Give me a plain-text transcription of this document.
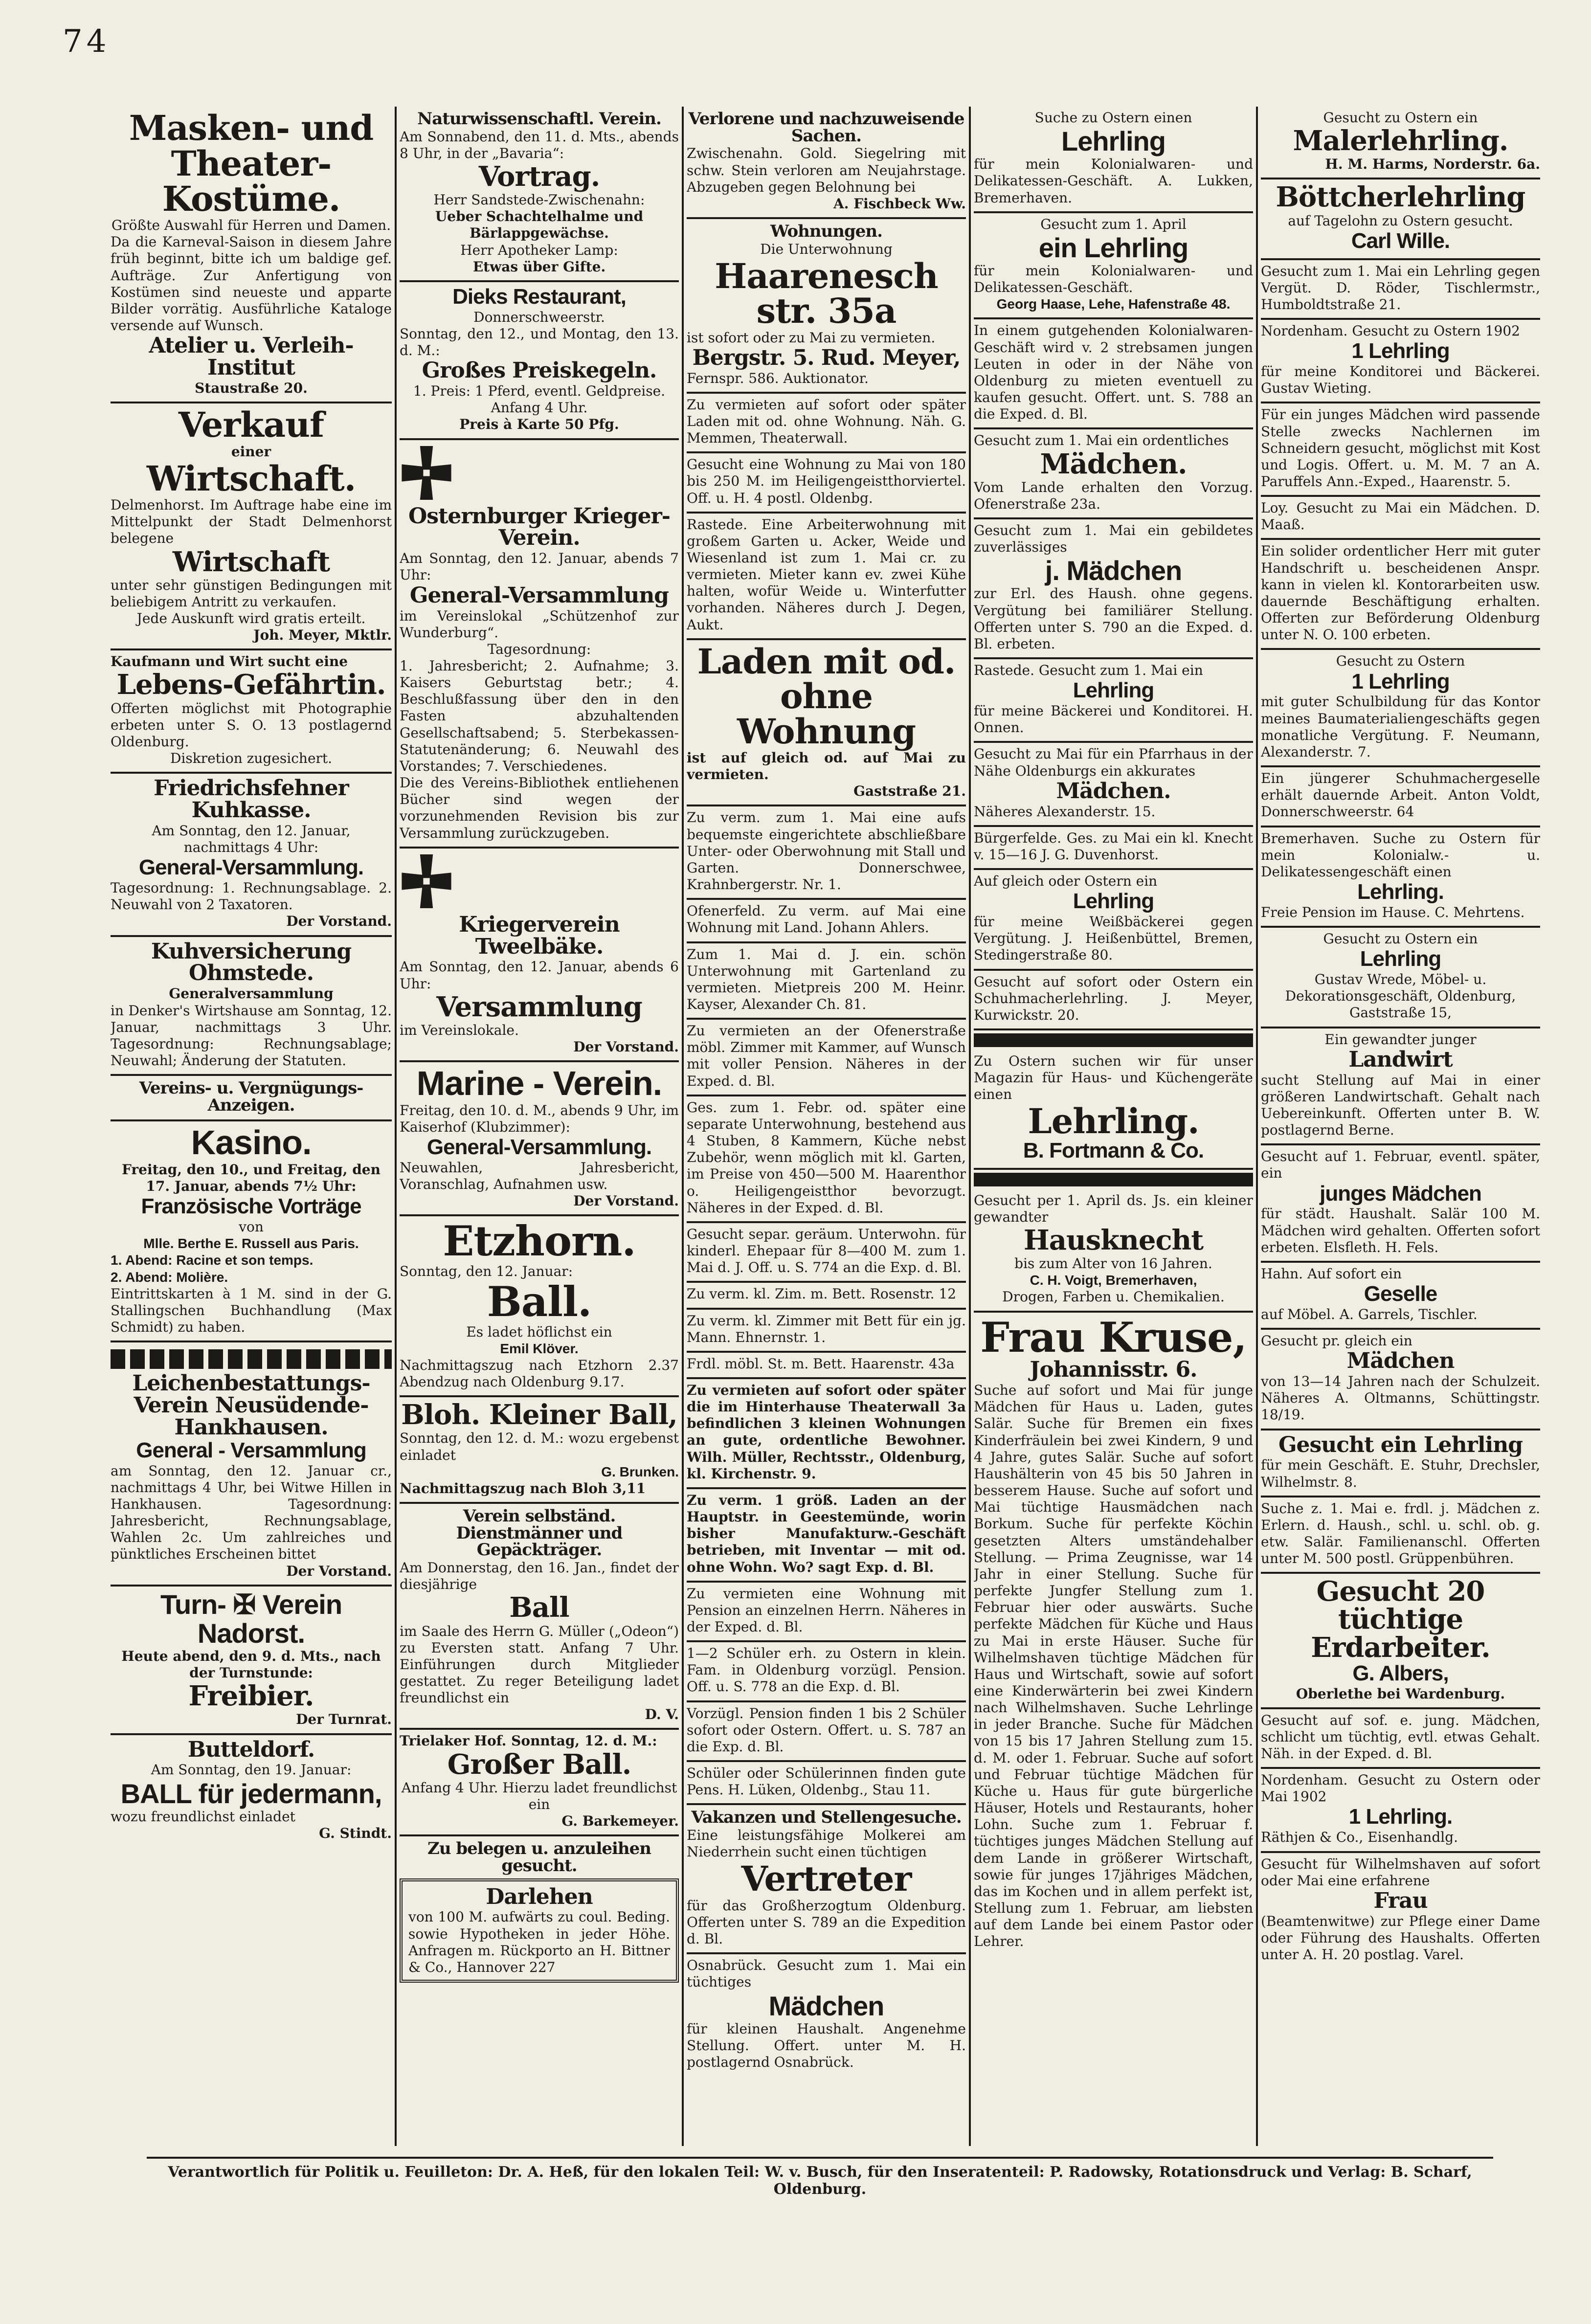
74

Masken- und

Theater-Kostüme.

Größte Auswahl für Herren und Damen.

Da die Karneval-Saison in diesem Jahre früh beginnt, bitte ich um baldige gef. Aufträge. Zur Anfertigung von Kostümen sind neueste und apparte Bilder vorrätig. Ausführliche Kataloge versende auf Wunsch.

Atelier u. Verleih-Institut

Staustraße 20.

Verkauf

einer

Wirtschaft.

Delmenhorst. Im Auftrage habe eine im Mittelpunkt der Stadt Delmenhorst belegene

Wirtschaft

unter sehr günstigen Bedingungen mit beliebigem Antritt zu verkaufen.

Jede Auskunft wird gratis erteilt.

Joh. Meyer, Mktlr.

Kaufmann und Wirt sucht eine

Lebens-Gefährtin.

Offerten möglichst mit Photographie erbeten unter S. O. 13 postlagernd Oldenburg.

Diskretion zugesichert.

Friedrichsfehner Kuhkasse.

Am Sonntag, den 12. Januar, nachmittags 4 Uhr:

General-Versammlung.

Tagesordnung: 1. Rechnungsablage. 2. Neuwahl von 2 Taxatoren.

Der Vorstand.

Kuhversicherung Ohmstede.

Generalversammlung

in Denker's Wirtshause am Sonntag, 12. Januar, nachmittags 3 Uhr. Tagesordnung: Rechnungsablage; Neuwahl; Änderung der Statuten.

Vereins- u. Vergnügungs-Anzeigen.

Kasino.

Freitag, den 10., und Freitag, den 17. Januar, abends 7½ Uhr:

Französische Vorträge

von

Mlle. Berthe E. Russell aus Paris.

1. Abend: Racine et son temps.

2. Abend: Molière.

Eintrittskarten à 1 M. sind in der G. Stallingschen Buchhandlung (Max Schmidt) zu haben.

Leichenbestattungs-Verein Neusüdende-Hankhausen.

General - Versammlung

am Sonntag, den 12. Januar cr., nachmittags 4 Uhr, bei Witwe Hillen in Hankhausen. Tagesordnung: Jahresbericht, Rechnungsablage, Wahlen 2c. Um zahlreiches und pünktliches Erscheinen bittet

Der Vorstand.

Turn- ✠ Verein

Nadorst.

Heute abend, den 9. d. Mts., nach der Turnstunde:

Freibier.

Der Turnrat.

Butteldorf.

Am Sonntag, den 19. Januar:

BALL für jedermann,

wozu freundlichst einladet

G. Stindt.

Naturwissenschaftl. Verein.

Am Sonnabend, den 11. d. Mts., abends 8 Uhr, in der „Bavaria“:

Vortrag.

Herr Sandstede-Zwischenahn:

Ueber Schachtelhalme und Bärlappgewächse.

Herr Apotheker Lamp:

Etwas über Gifte.

Dieks Restaurant,

Donnerschweerstr.

Sonntag, den 12., und Montag, den 13. d. M.:

Großes Preiskegeln.

1. Preis: 1 Pferd, eventl. Geldpreise. Anfang 4 Uhr.

Preis à Karte 50 Pfg.

Osternburger Krieger-Verein.

Am Sonntag, den 12. Januar, abends 7 Uhr:

General-Versammlung

im Vereinslokal „Schützenhof zur Wunderburg“.

Tagesordnung:

1. Jahresbericht; 2. Aufnahme; 3. Kaisers Geburtstag betr.; 4. Beschlußfassung über den in den Fasten abzuhaltenden Gesellschaftsabend; 5. Sterbekassen-Statutenänderung; 6. Neuwahl des Vorstandes; 7. Verschiedenes.

Die des Vereins-Bibliothek entliehenen Bücher sind wegen der vorzunehmenden Revision bis zur Versammlung zurückzugeben.

Kriegerverein Tweelbäke.

Am Sonntag, den 12. Januar, abends 6 Uhr:

Versammlung

im Vereinslokale.

Der Vorstand.

Marine - Verein.

Freitag, den 10. d. M., abends 9 Uhr, im Kaiserhof (Klubzimmer):

General-Versammlung.

Neuwahlen, Jahresbericht, Voranschlag, Aufnahmen usw.

Der Vorstand.

Etzhorn.

Sonntag, den 12. Januar:

Ball.

Es ladet höflichst ein

Emil Klöver.

Nachmittagszug nach Etzhorn 2.37 Abendzug nach Oldenburg 9.17.

Bloh. Kleiner Ball,

Sonntag, den 12. d. M.: wozu ergebenst einladet

G. Brunken.

Nachmittagszug nach Bloh 3,11

Verein selbständ. Dienstmänner und Gepäckträger.

Am Donnerstag, den 16. Jan., findet der diesjährige

Ball

im Saale des Herrn G. Müller („Odeon“) zu Eversten statt. Anfang 7 Uhr. Einführungen durch Mitglieder gestattet. Zu reger Beteiligung ladet freundlichst ein

D. V.

Trielaker Hof. Sonntag, 12. d. M.:

Großer Ball.

Anfang 4 Uhr. Hierzu ladet freundlichst ein

G. Barkemeyer.

Zu belegen u. anzuleihen gesucht.

Darlehen

von 100 M. aufwärts zu coul. Beding. sowie Hypotheken in jeder Höhe. Anfragen m. Rückporto an H. Bittner & Co., Hannover 227

Verlorene und nachzuweisende Sachen.

Zwischenahn. Gold. Siegelring mit schw. Stein verloren am Neujahrstage. Abzugeben gegen Belohnung bei

A. Fischbeck Ww.

Wohnungen.

Die Unterwohnung

Haarenesch str. 35a

ist sofort oder zu Mai zu vermieten.

Bergstr. 5. Rud. Meyer,

Fernspr. 586. Auktionator.

Zu vermieten auf sofort oder später Laden mit od. ohne Wohnung. Näh. G. Memmen, Theaterwall.

Gesucht eine Wohnung zu Mai von 180 bis 250 M. im Heiligengeistthorviertel. Off. u. H. 4 postl. Oldenbg.

Rastede. Eine Arbeiterwohnung mit großem Garten u. Acker, Weide und Wiesenland ist zum 1. Mai cr. zu vermieten. Mieter kann ev. zwei Kühe halten, wofür Weide u. Winterfutter vorhanden. Näheres durch J. Degen, Aukt.

Laden mit od. ohne Wohnung

ist auf gleich od. auf Mai zu vermieten.

Gaststraße 21.

Zu verm. zum 1. Mai eine aufs bequemste eingerichtete abschließbare Unter- oder Oberwohnung mit Stall und Garten. Donnerschwee, Krahnbergerstr. Nr. 1.

Ofenerfeld. Zu verm. auf Mai eine Wohnung mit Land. Johann Ahlers.

Zum 1. Mai d. J. ein. schön Unterwohnung mit Gartenland zu vermieten. Mietpreis 200 M. Heinr. Kayser, Alexander Ch. 81.

Zu vermieten an der Ofenerstraße möbl. Zimmer mit Kammer, auf Wunsch mit voller Pension. Näheres in der Exped. d. Bl.

Ges. zum 1. Febr. od. später eine separate Unterwohnung, bestehend aus 4 Stuben, 8 Kammern, Küche nebst Zubehör, wenn möglich mit kl. Garten, im Preise von 450—500 M. Haarenthor o. Heiligengeistthor bevorzugt. Näheres in der Exped. d. Bl.

Gesucht separ. geräum. Unterwohn. für kinderl. Ehepaar für 8—400 M. zum 1. Mai d. J. Off. u. S. 774 an die Exp. d. Bl.

Zu verm. kl. Zim. m. Bett. Rosenstr. 12

Zu verm. kl. Zimmer mit Bett für ein jg. Mann. Ehnernstr. 1.

Frdl. möbl. St. m. Bett. Haarenstr. 43a

Zu vermieten auf sofort oder später die im Hinterhause Theaterwall 3a befindlichen 3 kleinen Wohnungen an gute, ordentliche Bewohner. Wilh. Müller, Rechtsstr., Oldenburg, kl. Kirchenstr. 9.

Zu verm. 1 größ. Laden an der Hauptstr. in Geestemünde, worin bisher Manufakturw.-Geschäft betrieben, mit Inventar — mit od. ohne Wohn. Wo? sagt Exp. d. Bl.

Zu vermieten eine Wohnung mit Pension an einzelnen Herrn. Näheres in der Exped. d. Bl.

1—2 Schüler erh. zu Ostern in klein. Fam. in Oldenburg vorzügl. Pension. Off. u. S. 778 an die Exp. d. Bl.

Vorzügl. Pension finden 1 bis 2 Schüler sofort oder Ostern. Offert. u. S. 787 an die Exp. d. Bl.

Schüler oder Schülerinnen finden gute Pens. H. Lüken, Oldenbg., Stau 11.

Vakanzen und Stellengesuche.

Eine leistungsfähige Molkerei am Niederrhein sucht einen tüchtigen

Vertreter

für das Großherzogtum Oldenburg. Offerten unter S. 789 an die Expedition d. Bl.

Osnabrück. Gesucht zum 1. Mai ein tüchtiges

Mädchen

für kleinen Haushalt. Angenehme Stellung. Offert. unter M. H. postlagernd Osnabrück.

Suche zu Ostern einen

Lehrling

für mein Kolonialwaren- und Delikatessen-Geschäft. A. Lukken, Bremerhaven.

Gesucht zum 1. April

ein Lehrling

für mein Kolonialwaren- und Delikatessen-Geschäft.

Georg Haase, Lehe, Hafenstraße 48.

In einem gutgehenden Kolonialwaren-Geschäft wird v. 2 strebsamen jungen Leuten in oder in der Nähe von Oldenburg zu mieten eventuell zu kaufen gesucht. Offert. unt. S. 788 an die Exped. d. Bl.

Gesucht zum 1. Mai ein ordentliches

Mädchen.

Vom Lande erhalten den Vorzug. Ofenerstraße 23a.

Gesucht zum 1. Mai ein gebildetes zuverlässiges

j. Mädchen

zur Erl. des Haush. ohne gegens. Vergütung bei familiärer Stellung. Offerten unter S. 790 an die Exped. d. Bl. erbeten.

Rastede. Gesucht zum 1. Mai ein

Lehrling

für meine Bäckerei und Konditorei. H. Onnen.

Gesucht zu Mai für ein Pfarrhaus in der Nähe Oldenburgs ein akkurates

Mädchen.

Näheres Alexanderstr. 15.

Bürgerfelde. Ges. zu Mai ein kl. Knecht v. 15—16 J. G. Duvenhorst.

Auf gleich oder Ostern ein

Lehrling

für meine Weißbäckerei gegen Vergütung. J. Heißenbüttel, Bremen, Stedingerstraße 80.

Gesucht auf sofort oder Ostern ein Schuhmacherlehrling. J. Meyer, Kurwickstr. 20.

Zu Ostern suchen wir für unser Magazin für Haus- und Küchengeräte einen

Lehrling.

B. Fortmann & Co.

Gesucht per 1. April ds. Js. ein kleiner gewandter

Hausknecht

bis zum Alter von 16 Jahren.

C. H. Voigt, Bremerhaven,

Drogen, Farben u. Chemikalien.

Frau Kruse,

Johannisstr. 6.

Suche auf sofort und Mai für junge Mädchen für Haus u. Laden, gutes Salär. Suche für Bremen ein fixes Kinderfräulein bei zwei Kindern, 9 und 4 Jahre, gutes Salär. Suche auf sofort Haushälterin von 45 bis 50 Jahren in besserem Hause. Suche auf sofort und Mai tüchtige Hausmädchen nach Borkum. Suche für perfekte Köchin gesetzten Alters umständehalber Stellung. — Prima Zeugnisse, war 14 Jahr in einer Stellung. Suche für perfekte Jungfer Stellung zum 1. Februar hier oder auswärts. Suche perfekte Mädchen für Küche und Haus zu Mai in erste Häuser. Suche für Wilhelmshaven tüchtige Mädchen für Haus und Wirtschaft, sowie auf sofort eine Kinderwärterin bei zwei Kindern nach Wilhelmshaven. Suche Lehrlinge in jeder Branche. Suche für Mädchen von 15 bis 17 Jahren Stellung zum 15. d. M. oder 1. Februar. Suche auf sofort und Februar tüchtige Mädchen für Küche u. Haus für gute bürgerliche Häuser, Hotels und Restaurants, hoher Lohn. Suche zum 1. Februar f. tüchtiges junges Mädchen Stellung auf dem Lande in größerer Wirtschaft, sowie für junges 17jähriges Mädchen, das im Kochen und in allem perfekt ist, Stellung zum 1. Februar, am liebsten auf dem Lande bei einem Pastor oder Lehrer.

Gesucht zu Ostern ein

Malerlehrling.

H. M. Harms, Norderstr. 6a.

Böttcherlehrling

auf Tagelohn zu Ostern gesucht.

Carl Wille.

Gesucht zum 1. Mai ein Lehrling gegen Vergüt. D. Röder, Tischlermstr., Humboldtstraße 21.

Nordenham. Gesucht zu Ostern 1902

1 Lehrling

für meine Konditorei und Bäckerei. Gustav Wieting.

Für ein junges Mädchen wird passende Stelle zwecks Nachlernen im Schneidern gesucht, möglichst mit Kost und Logis. Offert. u. M. M. 7 an A. Paruffels Ann.-Exped., Haarenstr. 5.

Loy. Gesucht zu Mai ein Mädchen. D. Maaß.

Ein solider ordentlicher Herr mit guter Handschrift u. bescheidenen Anspr. kann in vielen kl. Kontorarbeiten usw. dauernde Beschäftigung erhalten. Offerten zur Beförderung Oldenburg unter N. O. 100 erbeten.

Gesucht zu Ostern

1 Lehrling

mit guter Schulbildung für das Kontor meines Baumaterialiengeschäfts gegen monatliche Vergütung. F. Neumann, Alexanderstr. 7.

Ein jüngerer Schuhmachergeselle erhält dauernde Arbeit. Anton Voldt, Donnerschweerstr. 64

Bremerhaven. Suche zu Ostern für mein Kolonialw.- u. Delikatessengeschäft einen

Lehrling.

Freie Pension im Hause. C. Mehrtens.

Gesucht zu Ostern ein

Lehrling

Gustav Wrede, Möbel- u. Dekorationsgeschäft, Oldenburg, Gaststraße 15,

Ein gewandter junger

Landwirt

sucht Stellung auf Mai in einer größeren Landwirtschaft. Gehalt nach Uebereinkunft. Offerten unter B. W. postlagernd Berne.

Gesucht auf 1. Februar, eventl. später, ein

junges Mädchen

für städt. Haushalt. Salär 100 M. Mädchen wird gehalten. Offerten sofort erbeten. Elsfleth. H. Fels.

Hahn. Auf sofort ein

Geselle

auf Möbel. A. Garrels, Tischler.

Gesucht pr. gleich ein

Mädchen

von 13—14 Jahren nach der Schulzeit. Näheres A. Oltmanns, Schüttingstr. 18/19.

Gesucht ein Lehrling

für mein Geschäft. E. Stuhr, Drechsler, Wilhelmstr. 8.

Suche z. 1. Mai e. frdl. j. Mädchen z. Erlern. d. Haush., schl. u. schl. ob. g. etw. Salär. Familienanschl. Offerten unter M. 500 postl. Grüppenbühren.

Gesucht 20 tüchtige Erdarbeiter.

G. Albers,

Oberlethe bei Wardenburg.

Gesucht auf sof. e. jung. Mädchen, schlicht um tüchtig, evtl. etwas Gehalt. Näh. in der Exped. d. Bl.

Nordenham. Gesucht zu Ostern oder Mai 1902

1 Lehrling.

Räthjen & Co., Eisenhandlg.

Gesucht für Wilhelmshaven auf sofort oder Mai eine erfahrene

Frau

(Beamtenwitwe) zur Pflege einer Dame oder Führung des Haushalts. Offerten unter A. H. 20 postlag. Varel.

Verantwortlich für Politik u. Feuilleton: Dr. A. Heß, für den lokalen Teil: W. v. Busch, für den Inseratenteil: P. Radowsky, Rotationsdruck und Verlag: B. Scharf, Oldenburg.
